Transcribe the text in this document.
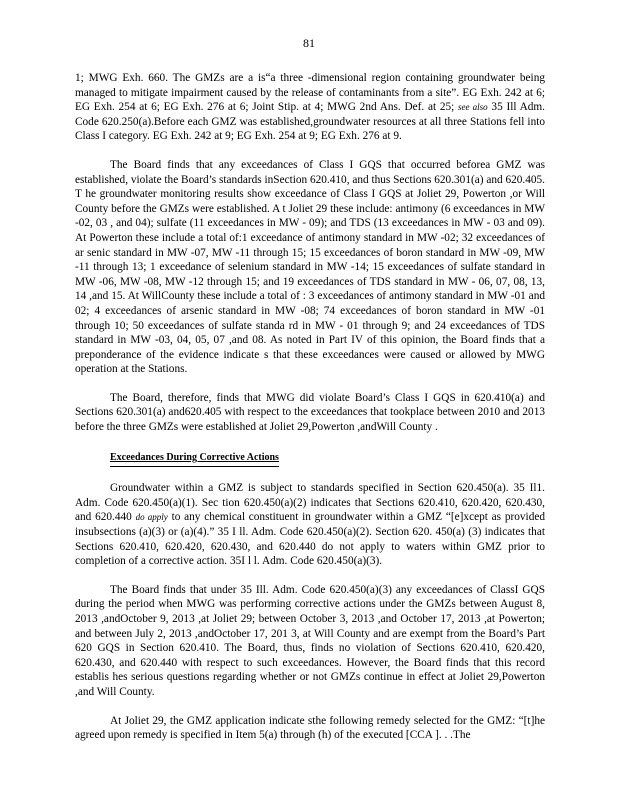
81

1; MWG Exh. 660. The GMZs are a is“a three -dimensional region containing groundwater being managed to mitigate impairment caused by the release of contaminants from a site”. EG Exh. 242 at 6; EG Exh. 254 at 6; EG Exh. 276 at 6; Joint Stip. at 4; MWG 2nd Ans. Def. at 25; see also 35 Ill Adm. Code 620.250(a).Before each GMZ was established,groundwater resources at all three Stations fell into Class I category. EG Exh. 242 at 9; EG Exh. 254 at 9; EG Exh. 276 at 9.

The Board finds that any exceedances of Class I GQS that occurred beforea GMZ was established, violate the Board’s standards inSection 620.410, and thus Sections 620.301(a) and 620.405. T he groundwater monitoring results show exceedance of Class I GQS at Joliet 29, Powerton ,or Will County before the GMZs were established. A t Joliet 29 these include: antimony (6 exceedances in MW -02, 03 , and 04); sulfate (11 exceedances in MW - 09); and TDS (13 exceedances in MW - 03 and 09). At Powerton these include a total of:1 exceedance of antimony standard in MW -02; 32 exceedances of ar senic standard in MW -07, MW -11 through 15; 15 exceedances of boron standard in MW -09, MW -11 through 13; 1 exceedance of selenium standard in MW -14; 15 exceedances of sulfate standard in MW -06, MW -08, MW -12 through 15; and 19 exceedances of TDS standard in MW - 06, 07, 08, 13, 14 ,and 15. At WillCounty these include a total of : 3 exceedances of antimony standard in MW -01 and 02; 4 exceedances of arsenic standard in MW -08; 74 exceedances of boron standard in MW -01 through 10; 50 exceedances of sulfate standa rd in MW - 01 through 9; and 24 exceedances of TDS standard in MW -03, 04, 05, 07 ,and 08. As noted in Part IV of this opinion, the Board finds that a preponderance of the evidence indicate s that these exceedances were caused or allowed by MWG operation at the Stations.

The Board, therefore, finds that MWG did violate Board’s Class I GQS in 620.410(a) and Sections 620.301(a) and620.405 with respect to the exceedances that tookplace between 2010 and 2013 before the three GMZs were established at Joliet 29,Powerton ,andWill County .

Exceedances During Corrective Actions

Groundwater within a GMZ is subject to standards specified in Section 620.450(a). 35 Il1. Adm. Code 620.450(a)(1). Sec tion 620.450(a)(2) indicates that Sections 620.410, 620.420, 620.430, and 620.440 do apply to any chemical constituent in groundwater within a GMZ “[e]xcept as provided insubsections (a)(3) or (a)(4).” 35 I ll. Adm. Code 620.450(a)(2). Section 620. 450(a) (3) indicates that Sections 620.410, 620.420, 620.430, and 620.440 do not apply to waters within GMZ prior to completion of a corrective action. 35I l l. Adm. Code 620.450(a)(3).

The Board finds that under 35 Ill. Adm. Code 620.450(a)(3) any exceedances of ClassI GQS during the period when MWG was performing corrective actions under the GMZs between August 8, 2013 ,andOctober 9, 2013 ,at Joliet 29; between October 3, 2013 ,and October 17, 2013 ,at Powerton; and between July 2, 2013 ,andOctober 17, 201 3, at Will County and are exempt from the Board’s Part 620 GQS in Section 620.410. The Board, thus, finds no violation of Sections 620.410, 620.420, 620.430, and 620.440 with respect to such exceedances. However, the Board finds that this record establis hes serious questions regarding whether or not GMZs continue in effect at Joliet 29,Powerton ,and Will County.

At Joliet 29, the GMZ application indicate sthe following remedy selected for the GMZ: “[t]he agreed upon remedy is specified in Item 5(a) through (h) of the executed [CCA ]. . .The
